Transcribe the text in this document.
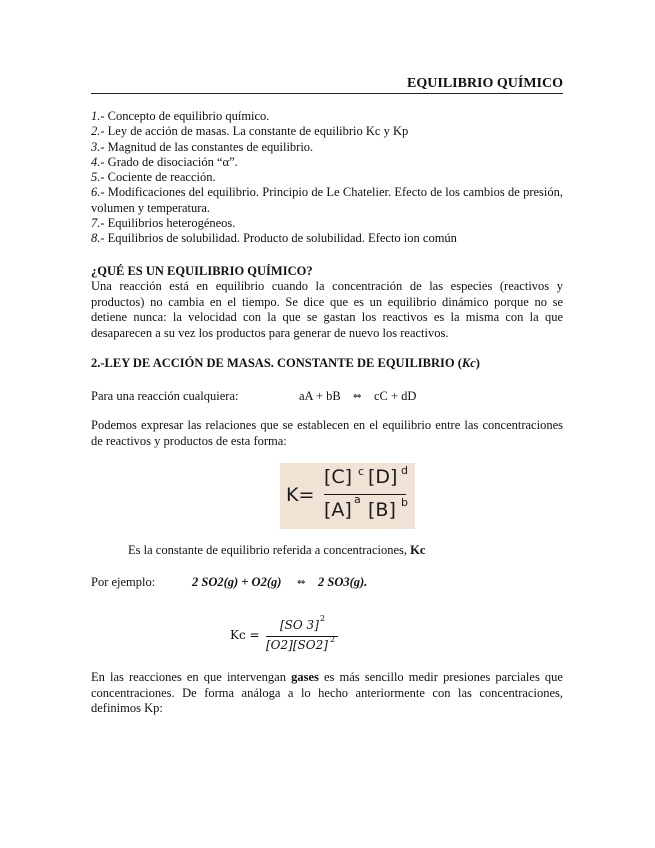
EQUILIBRIO QUÍMICO
1.- Concepto de equilibrio químico.
2.- Ley de acción de masas. La constante de equilibrio Kc y Kp
3.- Magnitud de las constantes de equilibrio.
4.- Grado de disociación “α”.
5.- Cociente de reacción.
6.- Modificaciones del equilibrio. Principio de Le Chatelier. Efecto de los cambios de presión, volumen y temperatura.
7.- Equilibrios heterogéneos.
8.- Equilibrios de solubilidad. Producto de solubilidad. Efecto ion común
¿QUÉ ES UN EQUILIBRIO QUÍMICO?
Una reacción está en equilibrio cuando la concentración de las especies (reactivos y productos) no cambia en el tiempo. Se dice que es un equilibrio dinámico porque no se detiene nunca: la velocidad con la que se gastan los reactivos es la misma con la que desaparecen a su vez los productos para generar de nuevo los reactivos.
2.-LEY DE ACCIÓN DE MASAS. CONSTANTE DE EQUILIBRIO (Kc)
Para una reacción cualquiera:	aA + bB ⇔ cC + dD
Podemos expresar las relaciones que se establecen en el equilibrio entre las concentraciones de reactivos y productos de esta forma:
K=
[C] c [D] d
[A] a [B] b
Es la constante de equilibrio referida a concentraciones, Kc
Por ejemplo:	2 SO2(g) + O2(g) ⇔ 2 SO3(g).
Kc =
[SO 3] 2
[O2][SO2] 2
En las reacciones en que intervengan gases es más sencillo medir presiones parciales que concentraciones. De forma análoga a lo hecho anteriormente con las concentraciones, definimos Kp:
